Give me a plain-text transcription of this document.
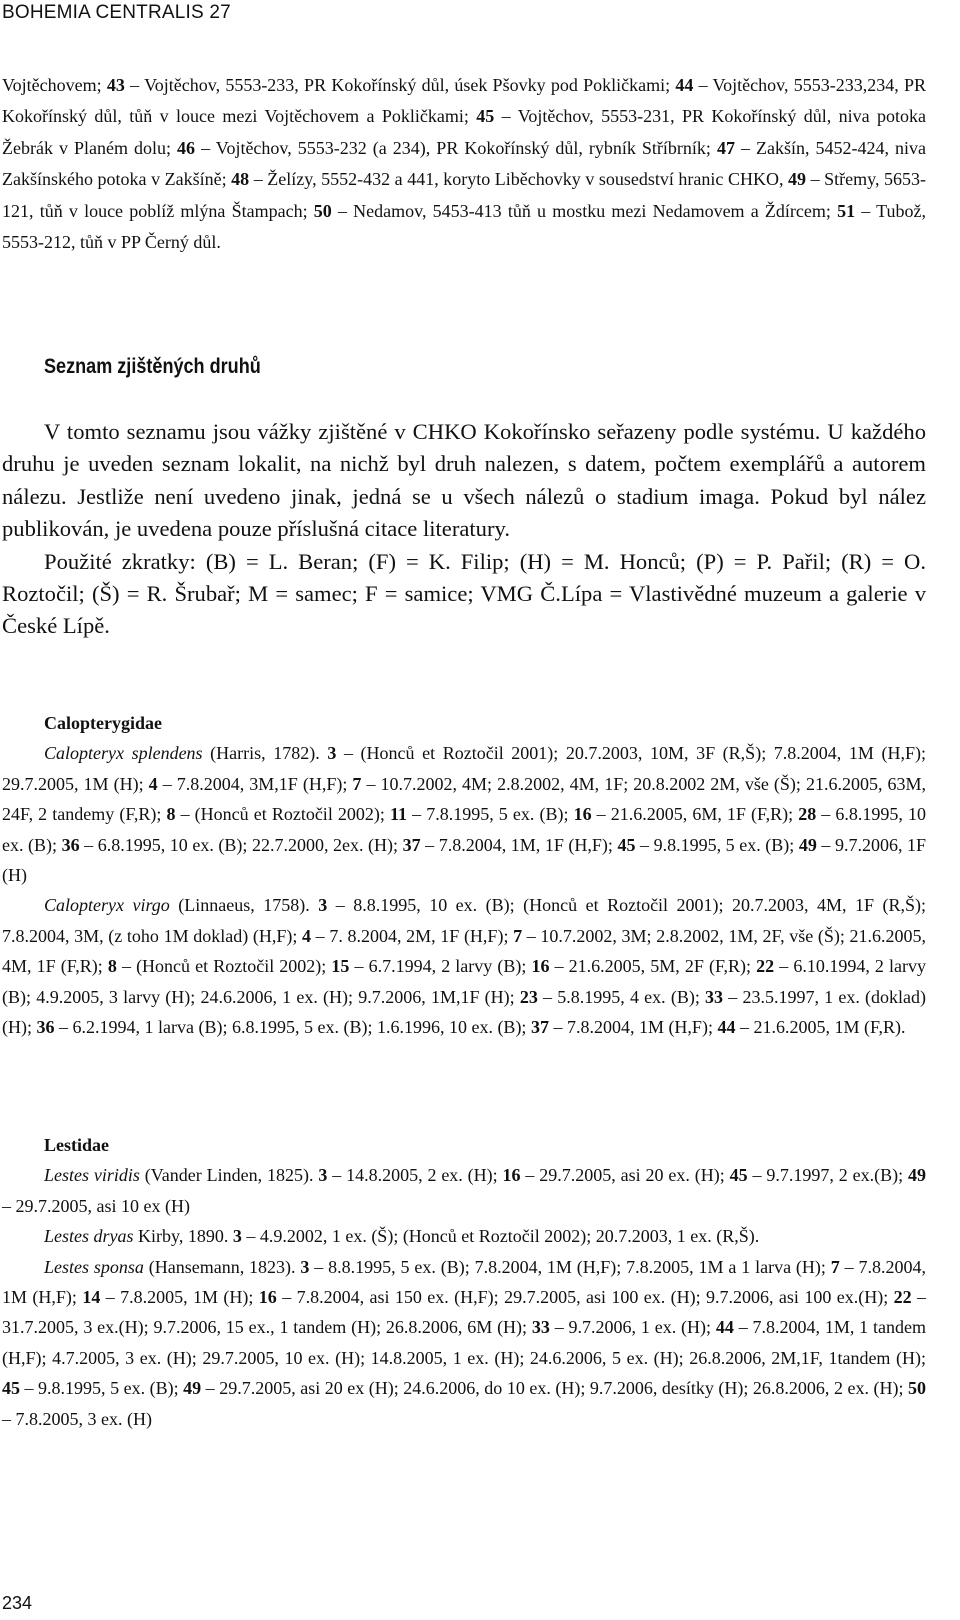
BOHEMIA CENTRALIS 27
Vojtěchovem; 43 – Vojtěchov, 5553-233, PR Kokořínský důl, úsek Pšovky pod Pokličkami; 44 – Vojtěchov, 5553-233,234, PR Kokořínský důl, tůň v louce mezi Vojtěchovem a Pokličkami; 45 – Vojtěchov, 5553-231, PR Kokořínský důl, niva potoka Žebrák v Planém dolu; 46 – Vojtěchov, 5553-232 (a 234), PR Kokořínský důl, rybník Stříbrník; 47 – Zakšín, 5452-424, niva Zakšínského potoka v Zakšíně; 48 – Želízy, 5552-432 a 441, koryto Liběchovky v sousedství hranic CHKO, 49 – Střemy, 5653-121, tůň v louce poblíž mlýna Štampach; 50 – Nedamov, 5453-413 tůň u mostku mezi Nedamovem a Ždírcem; 51 – Tubož, 5553-212, tůň v PP Černý důl.
Seznam zjištěných druhů

V tomto seznamu jsou vážky zjištěné v CHKO Kokořínsko seřazeny podle systému. U každého druhu je uveden seznam lokalit, na nichž byl druh nalezen, s datem, počtem exemplářů a autorem nálezu. Jestliže není uvedeno jinak, jedná se u všech nálezů o stadium imaga. Pokud byl nález publikován, je uvedena pouze příslušná citace literatury.

Použité zkratky: (B) = L. Beran; (F) = K. Filip; (H) = M. Honců; (P) = P. Pařil; (R) = O. Roztočil; (Š) = R. Šrubař; M = samec; F = samice; VMG Č.Lípa = Vlastivědné muzeum a galerie v České Lípě.

Calopterygidae

Calopteryx splendens (Harris, 1782). 3 – (Honců et Roztočil 2001); 20.7.2003, 10M, 3F (R,Š); 7.8.2004, 1M (H,F); 29.7.2005, 1M (H); 4 – 7.8.2004, 3M,1F (H,F); 7 – 10.7.2002, 4M; 2.8.2002, 4M, 1F; 20.8.2002 2M, vše (Š); 21.6.2005, 63M, 24F, 2 tandemy (F,R); 8 – (Honců et Roztočil 2002); 11 – 7.8.1995, 5 ex. (B); 16 – 21.6.2005, 6M, 1F (F,R); 28 – 6.8.1995, 10 ex. (B); 36 – 6.8.1995, 10 ex. (B); 22.7.2000, 2ex. (H); 37 – 7.8.2004, 1M, 1F (H,F); 45 – 9.8.1995, 5 ex. (B); 49 – 9.7.2006, 1F (H)

Calopteryx virgo (Linnaeus, 1758). 3 – 8.8.1995, 10 ex. (B); (Honců et Roztočil 2001); 20.7.2003, 4M, 1F (R,Š); 7.8.2004, 3M, (z toho 1M doklad) (H,F); 4 – 7. 8.2004, 2M, 1F (H,F); 7 – 10.7.2002, 3M; 2.8.2002, 1M, 2F, vše (Š); 21.6.2005, 4M, 1F (F,R); 8 – (Honců et Roztočil 2002); 15 – 6.7.1994, 2 larvy (B); 16 – 21.6.2005, 5M, 2F (F,R); 22 – 6.10.1994, 2 larvy (B); 4.9.2005, 3 larvy (H); 24.6.2006, 1 ex. (H); 9.7.2006, 1M,1F (H); 23 – 5.8.1995, 4 ex. (B); 33 – 23.5.1997, 1 ex. (doklad) (H); 36 – 6.2.1994, 1 larva (B); 6.8.1995, 5 ex. (B); 1.6.1996, 10 ex. (B); 37 – 7.8.2004, 1M (H,F); 44 – 21.6.2005, 1M (F,R).

Lestidae

Lestes viridis (Vander Linden, 1825). 3 – 14.8.2005, 2 ex. (H); 16 – 29.7.2005, asi 20 ex. (H); 45 – 9.7.1997, 2 ex.(B); 49 – 29.7.2005, asi 10 ex (H)

Lestes dryas Kirby, 1890. 3 – 4.9.2002, 1 ex. (Š); (Honců et Roztočil 2002); 20.7.2003, 1 ex. (R,Š).

Lestes sponsa (Hansemann, 1823). 3 – 8.8.1995, 5 ex. (B); 7.8.2004, 1M (H,F); 7.8.2005, 1M a 1 larva (H); 7 – 7.8.2004, 1M (H,F); 14 – 7.8.2005, 1M (H); 16 – 7.8.2004, asi 150 ex. (H,F); 29.7.2005, asi 100 ex. (H); 9.7.2006, asi 100 ex.(H); 22 – 31.7.2005, 3 ex.(H); 9.7.2006, 15 ex., 1 tandem (H); 26.8.2006, 6M (H); 33 – 9.7.2006, 1 ex. (H); 44 – 7.8.2004, 1M, 1 tandem (H,F); 4.7.2005, 3 ex. (H); 29.7.2005, 10 ex. (H); 14.8.2005, 1 ex. (H); 24.6.2006, 5 ex. (H); 26.8.2006, 2M,1F, 1tandem (H); 45 – 9.8.1995, 5 ex. (B); 49 – 29.7.2005, asi 20 ex (H); 24.6.2006, do 10 ex. (H); 9.7.2006, desítky (H); 26.8.2006, 2 ex. (H); 50 – 7.8.2005, 3 ex. (H)

234
